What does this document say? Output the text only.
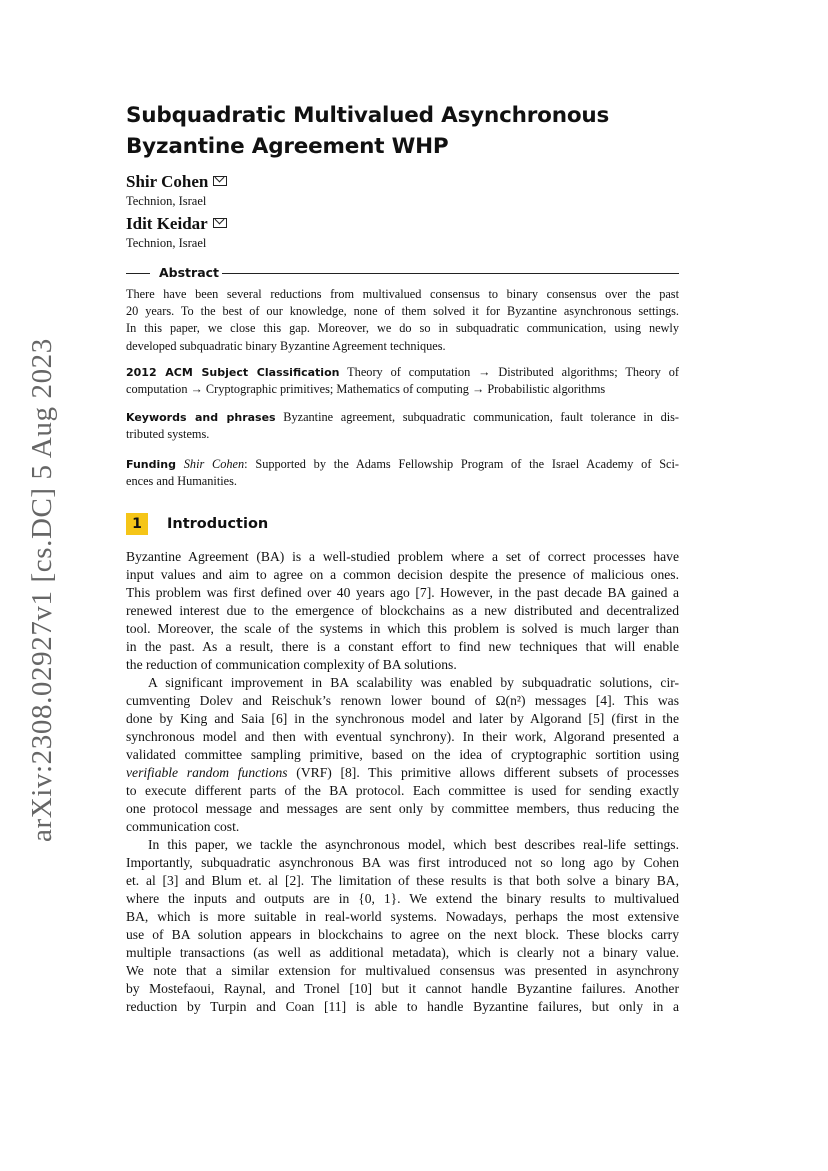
arXiv:2308.02927v1 [cs.DC] 5 Aug 2023
Subquadratic Multivalued Asynchronous
Byzantine Agreement WHP
Shir Cohen
Technion, Israel
Idit Keidar
Technion, Israel
Abstract
There have been several reductions from multivalued consensus to binary consensus over the past
20 years. To the best of our knowledge, none of them solved it for Byzantine asynchronous settings.
In this paper, we close this gap. Moreover, we do so in subquadratic communication, using newly
developed subquadratic binary Byzantine Agreement techniques.
2012 ACM Subject Classification Theory of computation → Distributed algorithms; Theory of
computation → Cryptographic primitives; Mathematics of computing → Probabilistic algorithms
Keywords and phrases Byzantine agreement, subquadratic communication, fault tolerance in dis-
tributed systems.
Funding Shir Cohen: Supported by the Adams Fellowship Program of the Israel Academy of Sci-
ences and Humanities.
1	Introduction
Byzantine Agreement (BA) is a well-studied problem where a set of correct processes have
input values and aim to agree on a common decision despite the presence of malicious ones.
This problem was first defined over 40 years ago [7]. However, in the past decade BA gained a
renewed interest due to the emergence of blockchains as a new distributed and decentralized
tool. Moreover, the scale of the systems in which this problem is solved is much larger than
in the past. As a result, there is a constant effort to find new techniques that will enable
the reduction of communication complexity of BA solutions.
A significant improvement in BA scalability was enabled by subquadratic solutions, cir-
cumventing Dolev and Reischuk’s renown lower bound of Ω(n²) messages [4]. This was
done by King and Saia [6] in the synchronous model and later by Algorand [5] (first in the
synchronous model and then with eventual synchrony). In their work, Algorand presented a
validated committee sampling primitive, based on the idea of cryptographic sortition using
verifiable random functions (VRF) [8]. This primitive allows different subsets of processes
to execute different parts of the BA protocol. Each committee is used for sending exactly
one protocol message and messages are sent only by committee members, thus reducing the
communication cost.
In this paper, we tackle the asynchronous model, which best describes real-life settings.
Importantly, subquadratic asynchronous BA was first introduced not so long ago by Cohen
et. al [3] and Blum et. al [2]. The limitation of these results is that both solve a binary BA,
where the inputs and outputs are in {0, 1}. We extend the binary results to multivalued
BA, which is more suitable in real-world systems. Nowadays, perhaps the most extensive
use of BA solution appears in blockchains to agree on the next block. These blocks carry
multiple transactions (as well as additional metadata), which is clearly not a binary value.
We note that a similar extension for multivalued consensus was presented in asynchrony
by Mostefaoui, Raynal, and Tronel [10] but it cannot handle Byzantine failures. Another
reduction by Turpin and Coan [11] is able to handle Byzantine failures, but only in a
